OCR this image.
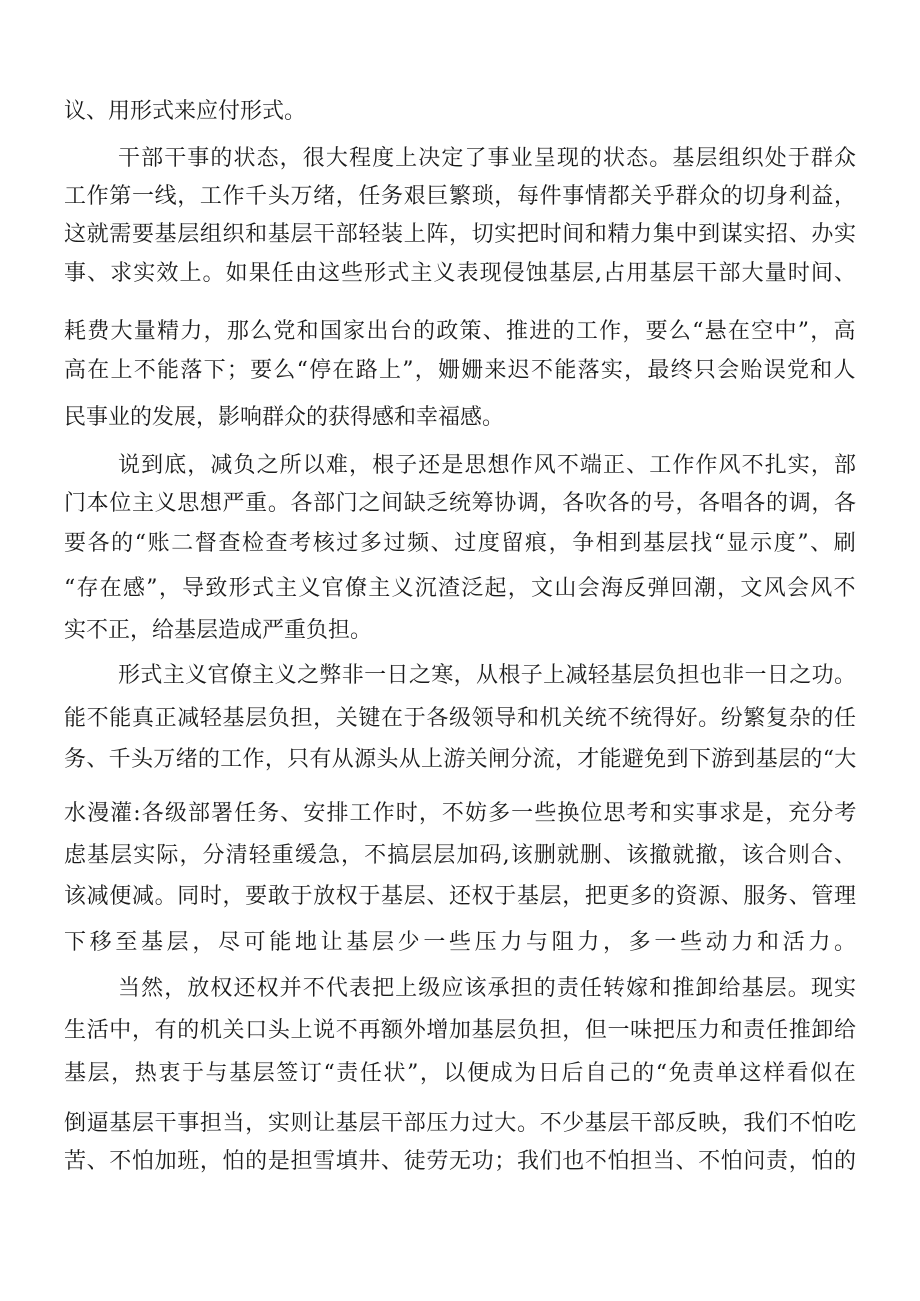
议、用形式来应付形式。
干部干事的状态，很大程度上决定了事业呈现的状态。基层组织处于群众
工作第一线，工作千头万绪，任务艰巨繁琐，每件事情都关乎群众的切身利益，
这就需要基层组织和基层干部轻装上阵，切实把时间和精力集中到谋实招、办实
事、求实效上。如果任由这些形式主义表现侵蚀基层,占用基层干部大量时间、
耗费大量精力，那么党和国家出台的政策、推进的工作，要么“悬在空中”，高
高在上不能落下；要么“停在路上”，姗姗来迟不能落实，最终只会贻误党和人
民事业的发展，影响群众的获得感和幸福感。
说到底，减负之所以难，根子还是思想作风不端正、工作作风不扎实，部
门本位主义思想严重。各部门之间缺乏统筹协调，各吹各的号，各唱各的调，各
要各的“账二督查检查考核过多过频、过度留痕，争相到基层找“显示度”、刷
“存在感”，导致形式主义官僚主义沉渣泛起，文山会海反弹回潮，文风会风不
实不正，给基层造成严重负担。
形式主义官僚主义之弊非一日之寒，从根子上减轻基层负担也非一日之功。
能不能真正减轻基层负担，关键在于各级领导和机关统不统得好。纷繁复杂的任
务、千头万绪的工作，只有从源头从上游关闸分流，才能避免到下游到基层的“大
水漫灌:各级部署任务、安排工作时，不妨多一些换位思考和实事求是，充分考
虑基层实际，分清轻重缓急，不搞层层加码,该删就删、该撤就撤，该合则合、
该减便减。同时，要敢于放权于基层、还权于基层，把更多的资源、服务、管理
下移至基层，尽可能地让基层少一些压力与阻力，多一些动力和活力。
当然，放权还权并不代表把上级应该承担的责任转嫁和推卸给基层。现实
生活中，有的机关口头上说不再额外增加基层负担，但一味把压力和责任推卸给
基层，热衷于与基层签订“责任状”，以便成为日后自己的“免责单这样看似在
倒逼基层干事担当，实则让基层干部压力过大。不少基层干部反映，我们不怕吃
苦、不怕加班，怕的是担雪填井、徒劳无功；我们也不怕担当、不怕问责，怕的
